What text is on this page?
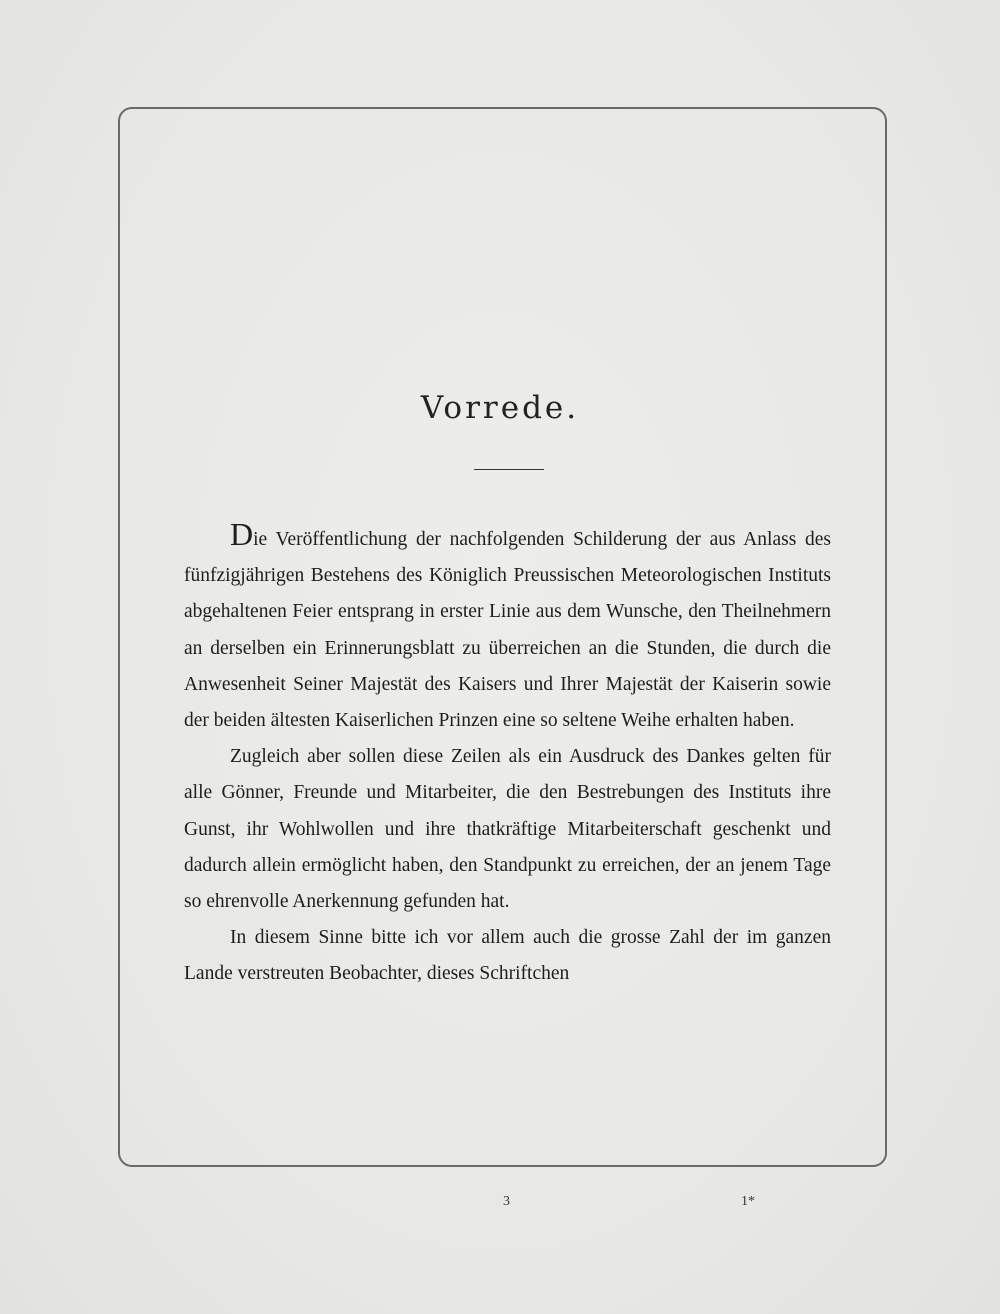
Vorrede.

Die Veröffentlichung der nachfolgenden Schilderung der aus Anlass des fünfzigjährigen Bestehens des Königlich Preussischen Meteorologischen Instituts abgehaltenen Feier entsprang in erster Linie aus dem Wunsche, den Theilnehmern an derselben ein Erinnerungsblatt zu überreichen an die Stunden, die durch die Anwesenheit Seiner Majestät des Kaisers und Ihrer Majestät der Kaiserin sowie der beiden ältesten Kaiserlichen Prinzen eine so seltene Weihe erhalten haben.

Zugleich aber sollen diese Zeilen als ein Ausdruck des Dankes gelten für alle Gönner, Freunde und Mitarbeiter, die den Bestrebungen des Instituts ihre Gunst, ihr Wohlwollen und ihre thatkräftige Mitarbeiterschaft geschenkt und dadurch allein ermöglicht haben, den Standpunkt zu erreichen, der an jenem Tage so ehrenvolle Anerkennung gefunden hat.

In diesem Sinne bitte ich vor allem auch die grosse Zahl der im ganzen Lande verstreuten Beobachter, dieses Schriftchen

3	1*
